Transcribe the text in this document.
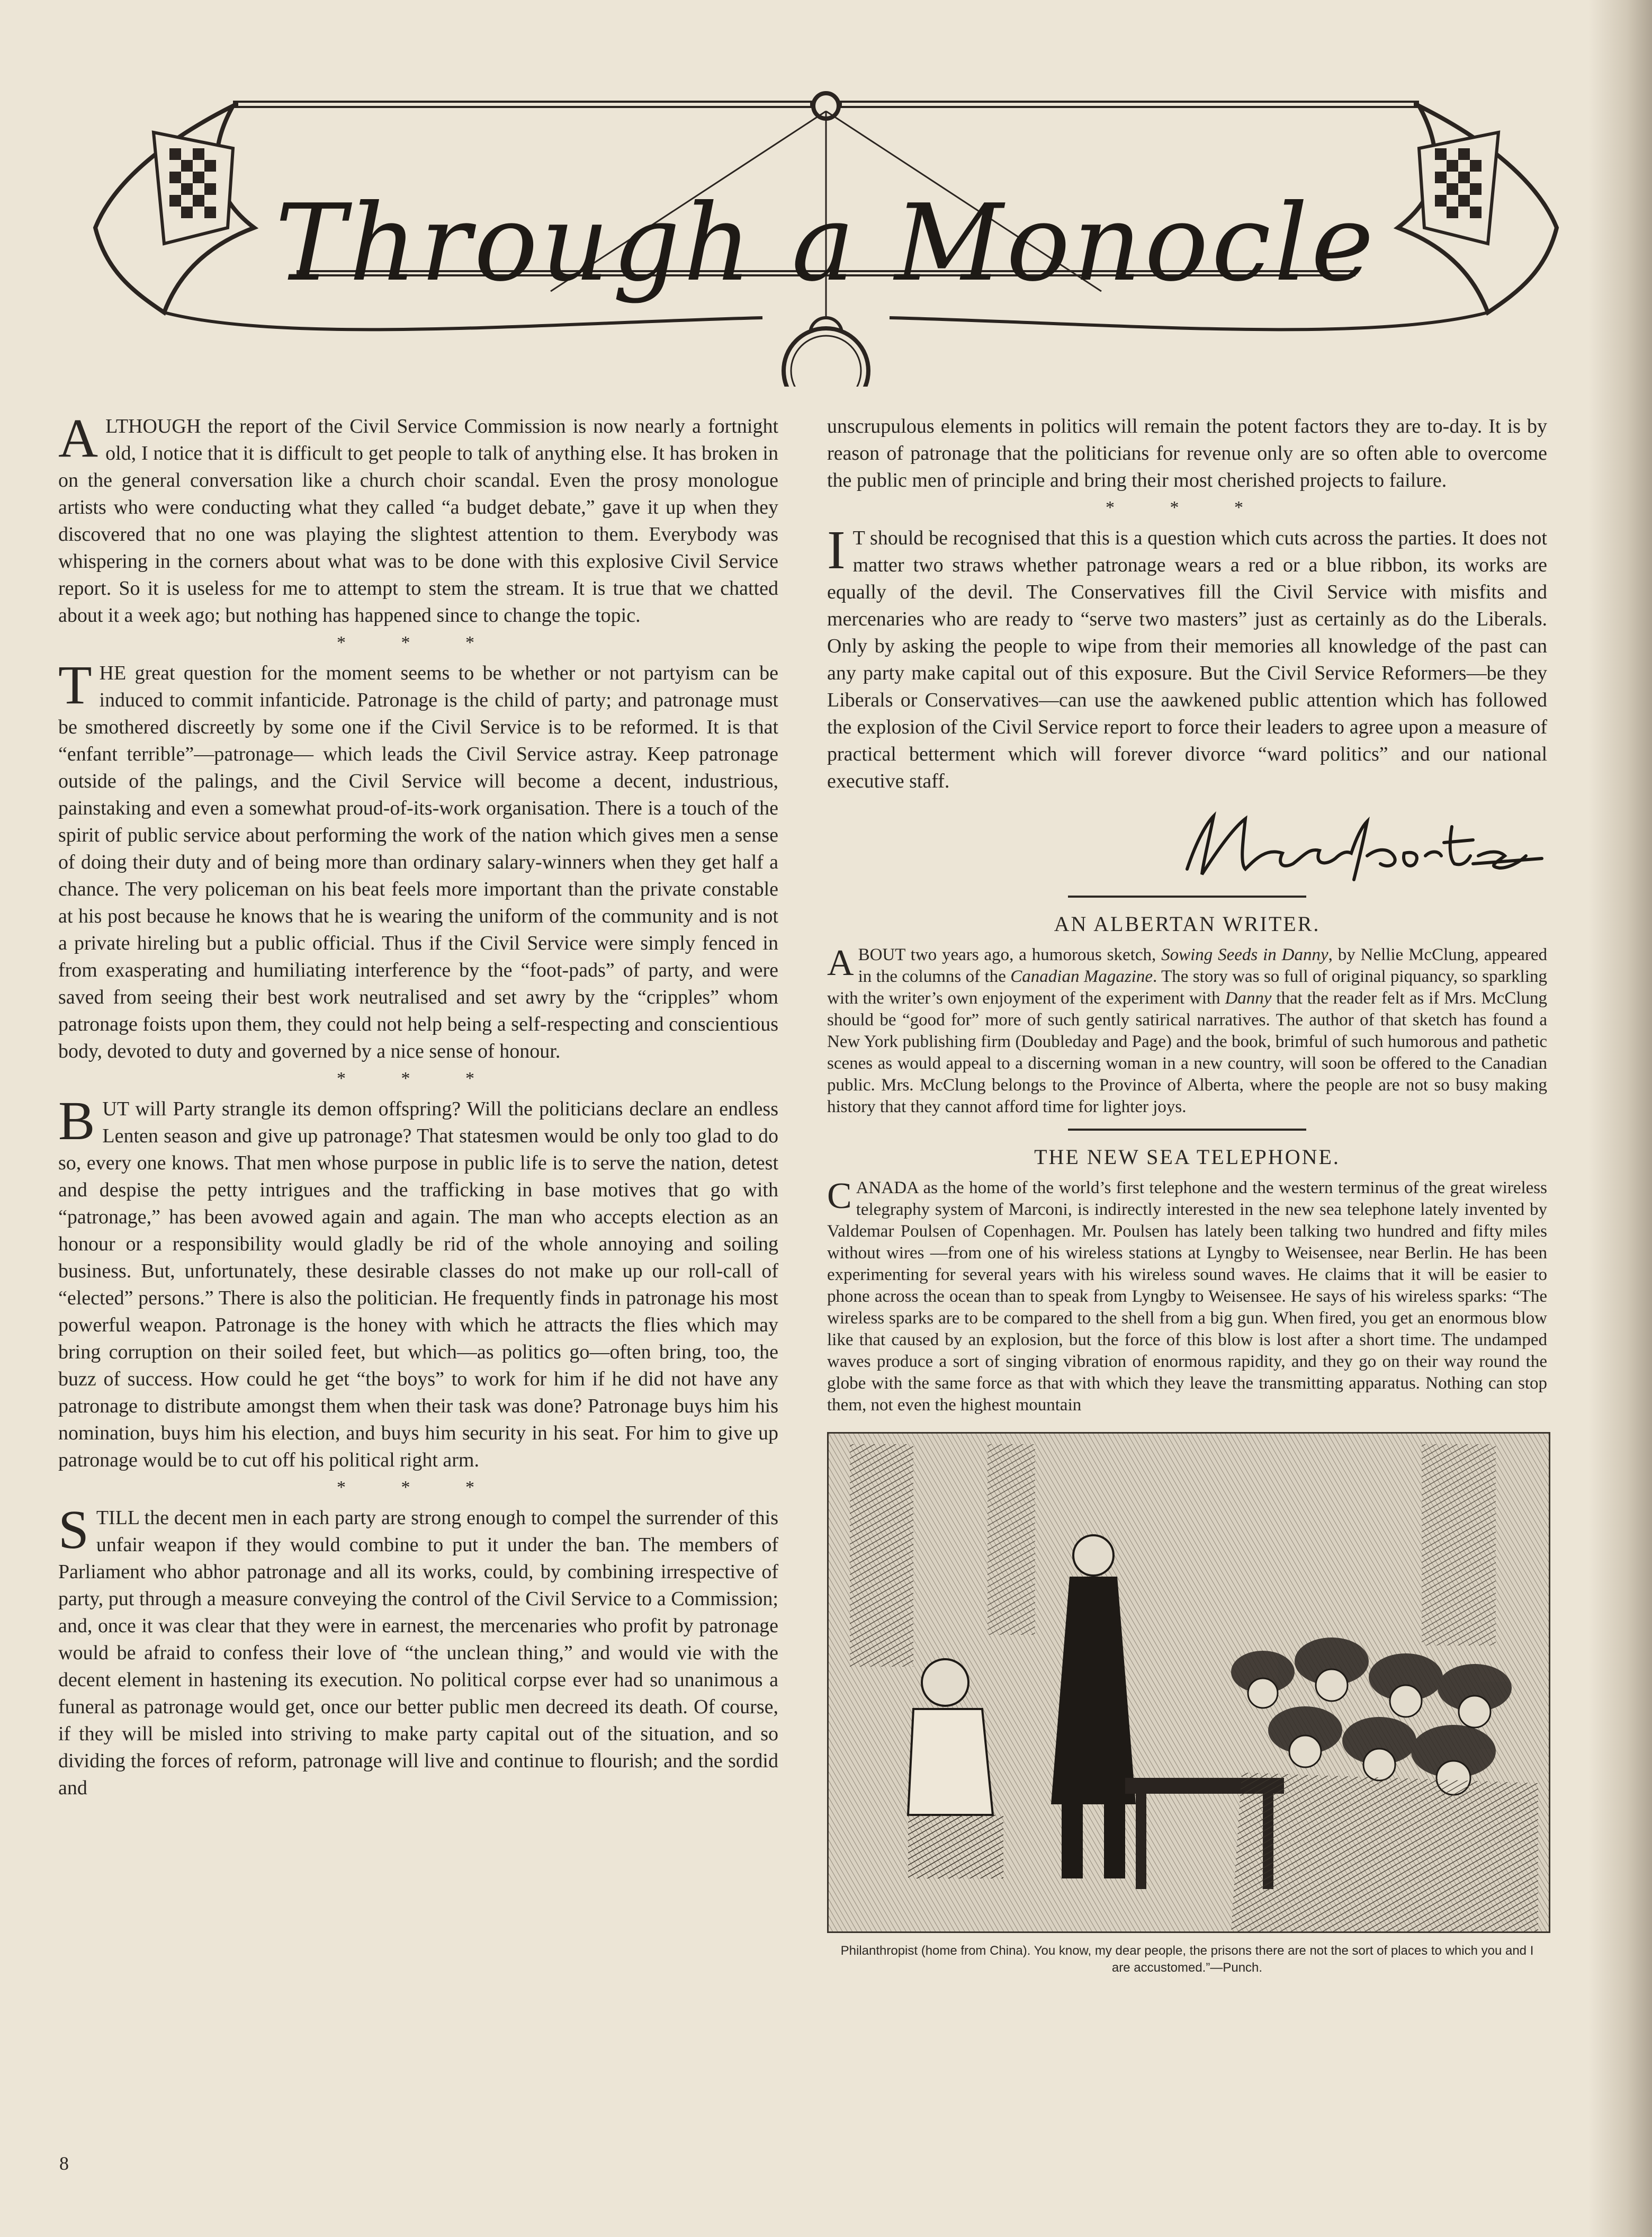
Through a Monocle

ALTHOUGH the report of the Civil Service Commission is now nearly a fortnight old, I notice that it is difficult to get people to talk of anything else. It has broken in on the general conversation like a church choir scandal. Even the prosy monologue artists who were conducting what they called “a budget debate,” gave it up when they discovered that no one was playing the slightest attention to them. Everybody was whispering in the corners about what was to be done with this explosive Civil Service report. So it is useless for me to attempt to stem the stream. It is true that we chatted about it a week ago; but nothing has happened since to change the topic.

* * *

THE great question for the moment seems to be whether or not partyism can be induced to commit infanticide. Patronage is the child of party; and patronage must be smothered discreetly by some one if the Civil Service is to be reformed. It is that “enfant terrible”—patronage— which leads the Civil Service astray. Keep patronage outside of the palings, and the Civil Service will become a decent, industrious, painstaking and even a somewhat proud-of-its-work organisation. There is a touch of the spirit of public service about performing the work of the nation which gives men a sense of doing their duty and of being more than ordinary salary-winners when they get half a chance. The very policeman on his beat feels more important than the private constable at his post because he knows that he is wearing the uniform of the community and is not a private hireling but a public official. Thus if the Civil Service were simply fenced in from exasperating and humiliating interference by the “foot-pads” of party, and were saved from seeing their best work neutralised and set awry by the “cripples” whom patronage foists upon them, they could not help being a self-respecting and conscientious body, devoted to duty and governed by a nice sense of honour.

* * *

BUT will Party strangle its demon offspring? Will the politicians declare an endless Lenten season and give up patronage? That statesmen would be only too glad to do so, every one knows. That men whose purpose in public life is to serve the nation, detest and despise the petty intrigues and the trafficking in base motives that go with “patronage,” has been avowed again and again. The man who accepts election as an honour or a responsibility would gladly be rid of the whole annoying and soiling business. But, unfortunately, these desirable classes do not make up our roll-call of “elected” persons.” There is also the politician. He frequently finds in patronage his most powerful weapon. Patronage is the honey with which he attracts the flies which may bring corruption on their soiled feet, but which—as politics go—often bring, too, the buzz of success. How could he get “the boys” to work for him if he did not have any patronage to distribute amongst them when their task was done? Patronage buys him his nomination, buys him his election, and buys him security in his seat. For him to give up patronage would be to cut off his political right arm.

* * *

STILL the decent men in each party are strong enough to compel the surrender of this unfair weapon if they would combine to put it under the ban. The members of Parliament who abhor patronage and all its works, could, by combining irrespective of party, put through a measure conveying the control of the Civil Service to a Commission; and, once it was clear that they were in earnest, the mercenaries who profit by patronage would be afraid to confess their love of “the unclean thing,” and would vie with the decent element in hastening its execution. No political corpse ever had so unanimous a funeral as patronage would get, once our better public men decreed its death. Of course, if they will be misled into striving to make party capital out of the situation, and so dividing the forces of reform, patronage will live and continue to flourish; and the sordid and

unscrupulous elements in politics will remain the potent factors they are to-day. It is by reason of patronage that the politicians for revenue only are so often able to overcome the public men of principle and bring their most cherished projects to failure.

* * *

I T should be recognised that this is a question which cuts across the parties. It does not matter two straws whether patronage wears a red or a blue ribbon, its works are equally of the devil. The Conservatives fill the Civil Service with misfits and mercenaries who are ready to “serve two masters” just as certainly as do the Liberals. Only by asking the people to wipe from their memories all knowledge of the past can any party make capital out of this exposure. But the Civil Service Reformers—be they Liberals or Conservatives—can use the aawkened public attention which has followed the explosion of the Civil Service report to force their leaders to agree upon a measure of practical betterment which will forever divorce “ward politics” and our national executive staff.

AN ALBERTAN WRITER.

ABOUT two years ago, a humorous sketch, Sowing Seeds in Danny, by Nellie McClung, appeared in the columns of the Canadian Magazine. The story was so full of original piquancy, so sparkling with the writer’s own enjoyment of the experiment with Danny that the reader felt as if Mrs. McClung should be “good for” more of such gently satirical narratives. The author of that sketch has found a New York publishing firm (Doubleday and Page) and the book, brimful of such humorous and pathetic scenes as would appeal to a discerning woman in a new country, will soon be offered to the Canadian public. Mrs. McClung belongs to the Province of Alberta, where the people are not so busy making history that they cannot afford time for lighter joys.

THE NEW SEA TELEPHONE.

CANADA as the home of the world’s first telephone and the western terminus of the great wireless telegraphy system of Marconi, is indirectly interested in the new sea telephone lately invented by Valdemar Poulsen of Copenhagen. Mr. Poulsen has lately been talking two hundred and fifty miles without wires —from one of his wireless stations at Lyngby to Weisensee, near Berlin. He has been experimenting for several years with his wireless sound waves. He claims that it will be easier to phone across the ocean than to speak from Lyngby to Weisensee. He says of his wireless sparks: “The wireless sparks are to be compared to the shell from a big gun. When fired, you get an enormous blow like that caused by an explosion, but the force of this blow is lost after a short time. The undamped waves produce a sort of singing vibration of enormous rapidity, and they go on their way round the globe with the same force as that with which they leave the transmitting apparatus. Nothing can stop them, not even the highest mountain

Philanthropist (home from China). You know, my dear people, the prisons there are not the sort of places to which you and I are accustomed.”—Punch.
8
